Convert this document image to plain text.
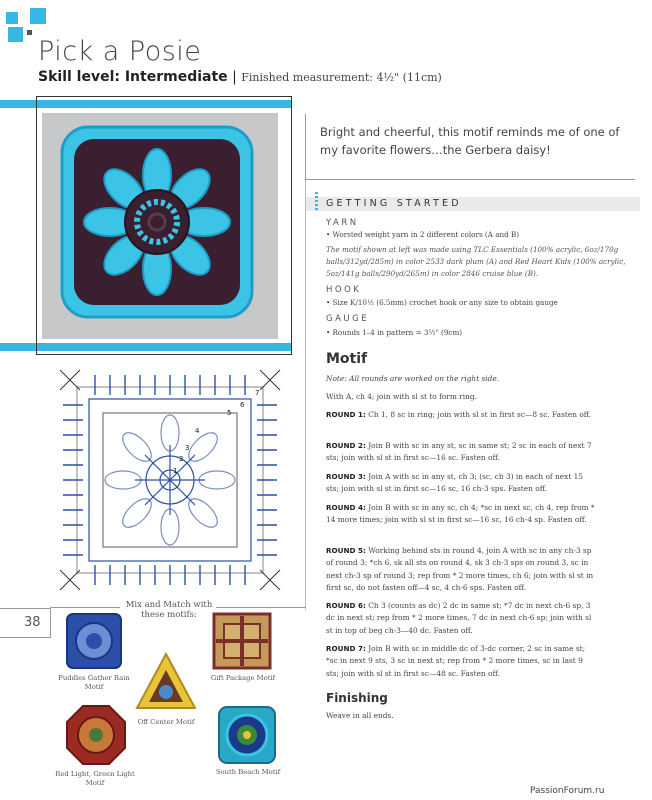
Pick a Posie
Skill level: Intermediate | Finished measurement: 4½" (11cm)
Bright and cheerful, this motif reminds me of one of my favorite flowers…the Gerbera daisy!
GETTING STARTED
YARN
• Worsted weight yarn in 2 different colors (A and B)
The motif shown at left was made using TLC Essentials (100% acrylic, 6oz/170g balls/312yd/285m) in color 2533 dark plum (A) and Red Heart Kids (100% acrylic, 5oz/141g balls/290yd/265m) in color 2846 cruise blue (B).
HOOK
• Size K/10½ (6.5mm) crochet hook or any size to obtain gauge
GAUGE
• Rounds 1–4 in pattern = 3½" (9cm)
Motif
Note: All rounds are worked on the right side.
With A, ch 4; join with sl st to form ring.
ROUND 1: Ch 1, 8 sc in ring; join with sl st in first sc—8 sc. Fasten off.
ROUND 2: Join B with sc in any st, sc in same st; 2 sc in each of next 7 sts; join with sl st in first sc—16 sc. Fasten off.
ROUND 3: Join A with sc in any st, ch 3; (sc, ch 3) in each of next 15 sts; join with sl st in first sc—16 sc, 16 ch-3 sps. Fasten off.
ROUND 4: Join B with sc in any sc, ch 4; *sc in next sc, ch 4, rep from * 14 more times; join with sl st in first sc—16 sc, 16 ch-4 sp. Fasten off.
ROUND 5: Working behind sts in round 4, join A with sc in any ch-3 sp of round 3; *ch 6, sk all sts on round 4, sk 3 ch-3 sps on round 3, sc in next ch-3 sp of round 3; rep from * 2 more times, ch 6; join with sl st in first sc, do not fasten off—4 sc, 4 ch-6 sps. Fasten off.
ROUND 6: Ch 3 (counts as dc) 2 dc in same st; *7 dc in next ch-6 sp, 3 dc in next st; rep from * 2 more times, 7 dc in next ch-6 sp; join with sl st in top of beg ch-3—40 dc. Fasten off.
ROUND 7: Join B with sc in middle dc of 3-dc corner, 2 sc in same st; *sc in next 9 sts, 3 sc in next st; rep from * 2 more times, sc in last 9 sts; join with sl st in first sc—48 sc. Fasten off.
Finishing
Weave in all ends.
7
6
5
4
3
2
1
38
Mix and Match with these motifs:
Puddles Gather Rain Motif
Gift Package Motif
Off Center Motif
Red Light, Green Light Motif
South Beach Motif
PassionForum.ru
